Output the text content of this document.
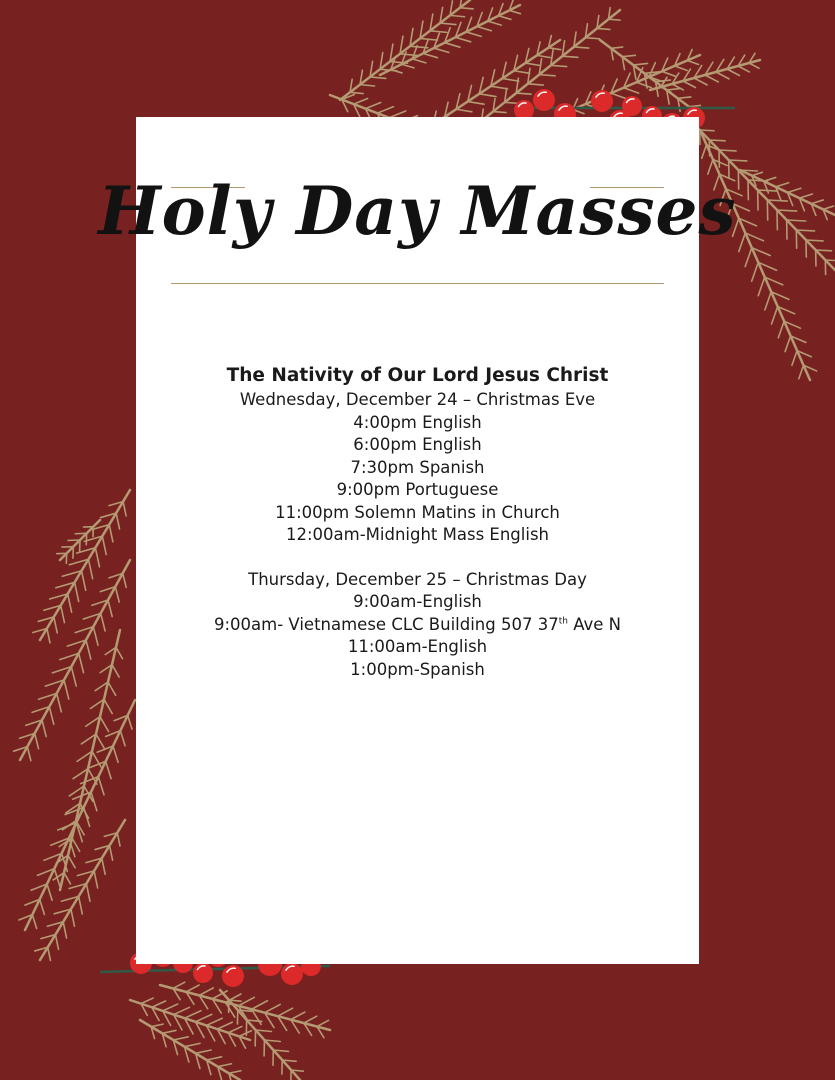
Holy Day Masses
The Nativity of Our Lord Jesus Christ
Wednesday, December 24 – Christmas Eve
4:00pm English
6:00pm English
7:30pm Spanish
9:00pm Portuguese
11:00pm Solemn Matins in Church
12:00am-Midnight Mass English
Thursday, December 25 – Christmas Day
9:00am-English
9:00am- Vietnamese CLC Building 507 37th Ave N
11:00am-English
1:00pm-Spanish
